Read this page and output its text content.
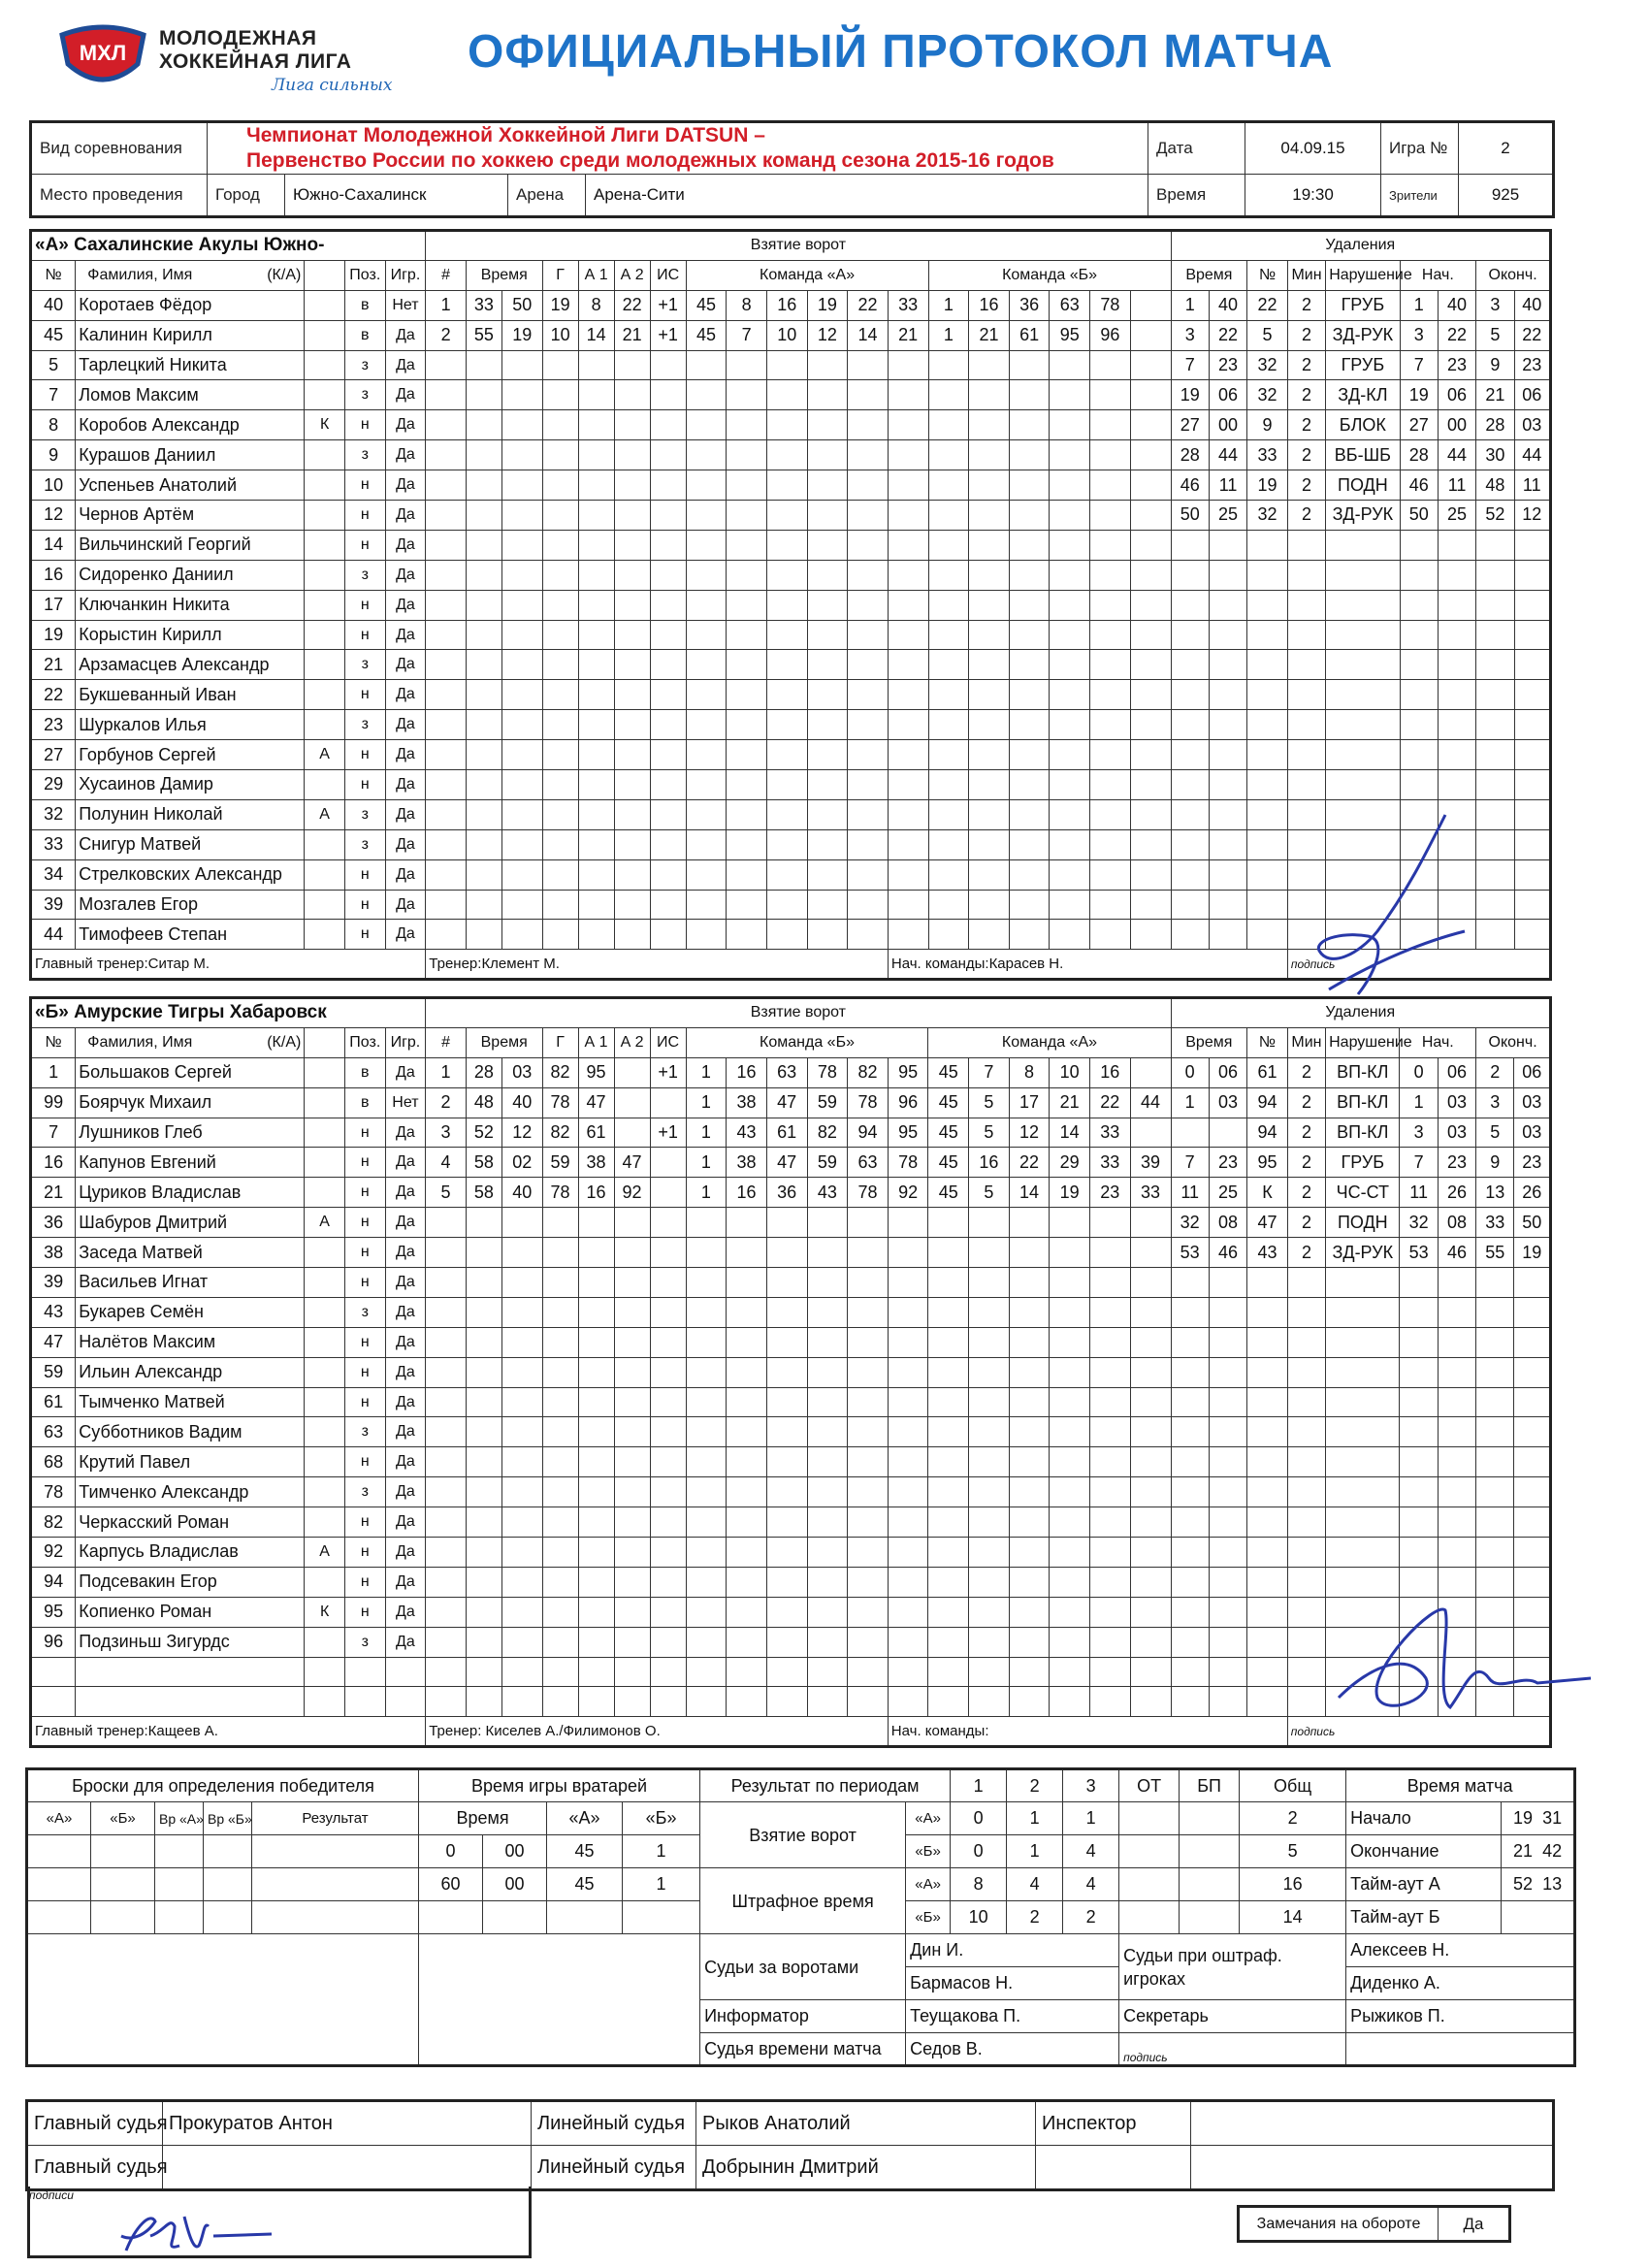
МХЛ
МОЛОДЕЖНАЯ
ХОККЕЙНАЯ ЛИГА
Лига сильных
ОФИЦИАЛЬНЫЙ ПРОТОКОЛ МАТЧА
Вид соревнования	Чемпионат Молодежной Хоккейной Лиги DATSUN –
Первенство России по хоккею среди молодежных команд сезона 2015-16 годов				Дата	04.09.15	Игра №	2
Место проведения	Город	Южно-Сахалинск	Арена	Арена-Сити	Время	19:30	Зрители	925
«А» Сахалинские Акулы Южно-					Взятие ворот																			Удаления								
№	Фамилия, Имя (К/А)		Поз.	Игр.	#	Время		Г	А 1	А 2	ИС	Команда «А»						Команда «Б»						Время		№	Мин	Нарушение	Нач.		Оконч.	
40	Коротаев Фёдор		в	Нет	1	33	50	19	8	22	+1	45	8	16	19	22	33	1	16	36	63	78		1	40	22	2	ГРУБ	1	40	3	40
45	Калинин Кирилл		в	Да	2	55	19	10	14	21	+1	45	7	10	12	14	21	1	21	61	95	96		3	22	5	2	ЗД-РУК	3	22	5	22
5	Тарлецкий Никита		з	Да																				7	23	32	2	ГРУБ	7	23	9	23
7	Ломов Максим		з	Да																				19	06	32	2	ЗД-КЛ	19	06	21	06
8	Коробов Александр	К	н	Да																				27	00	9	2	БЛОК	27	00	28	03
9	Курашов Даниил		з	Да																				28	44	33	2	ВБ-ШБ	28	44	30	44
10	Успеньев Анатолий		н	Да																				46	11	19	2	ПОДН	46	11	48	11
12	Чернов Артём		н	Да																				50	25	32	2	ЗД-РУК	50	25	52	12
14	Вильчинский Георгий		н	Да																												
16	Сидоренко Даниил		з	Да																												
17	Ключанкин Никита		н	Да																												
19	Корыстин Кирилл		н	Да																												
21	Арзамасцев Александр		з	Да																												
22	Букшеванный Иван		н	Да																												
23	Шуркалов Илья		з	Да																												
27	Горбунов Сергей	А	н	Да																												
29	Хусаинов Дамир		н	Да																												
32	Полунин Николай	А	з	Да																												
33	Снигур Матвей		з	Да																												
34	Стрелковских Александр		н	Да																												
39	Мозгалев Егор		н	Да																												
44	Тимофеев Степан		н	Да																												
Главный тренер:Ситар М.					Тренер:Клемент М.												Нач. команды:Карасев Н.										подпись					
«Б» Амурские Тигры Хабаровск					Взятие ворот																			Удаления								
№	Фамилия, Имя (К/А)		Поз.	Игр.	#	Время		Г	А 1	А 2	ИС	Команда «Б»						Команда «А»						Время		№	Мин	Нарушение	Нач.		Оконч.	
1	Большаков Сергей		в	Да	1	28	03	82	95		+1	1	16	63	78	82	95	45	7	8	10	16		0	06	61	2	ВП-КЛ	0	06	2	06
99	Боярчук Михаил		в	Нет	2	48	40	78	47			1	38	47	59	78	96	45	5	17	21	22	44	1	03	94	2	ВП-КЛ	1	03	3	03
7	Лушников Глеб		н	Да	3	52	12	82	61		+1	1	43	61	82	94	95	45	5	12	14	33				94	2	ВП-КЛ	3	03	5	03
16	Капунов Евгений		н	Да	4	58	02	59	38	47		1	38	47	59	63	78	45	16	22	29	33	39	7	23	95	2	ГРУБ	7	23	9	23
21	Цуриков Владислав		н	Да	5	58	40	78	16	92		1	16	36	43	78	92	45	5	14	19	23	33	11	25	К	2	ЧС-СТ	11	26	13	26
36	Шабуров Дмитрий	А	н	Да																				32	08	47	2	ПОДН	32	08	33	50
38	Заседа Матвей		н	Да																				53	46	43	2	ЗД-РУК	53	46	55	19
39	Васильев Игнат		н	Да																												
43	Букарев Семён		з	Да																												
47	Налётов Максим		н	Да																												
59	Ильин Александр		н	Да																												
61	Тымченко Матвей		н	Да																												
63	Субботников Вадим		з	Да																												
68	Крутий Павел		н	Да																												
78	Тимченко Александр		з	Да																												
82	Черкасский Роман		н	Да																												
92	Карпусь Владислав	А	н	Да																												
94	Подсевакин Егор		н	Да																												
95	Копиенко Роман	К	н	Да																												
96	Подзиньш Зигурдс		з	Да																												

Главный тренер:Кащеев А.					Тренер: Киселев А./Филимонов О.												Нач. команды:										подпись					
Броски для определения победителя					Время игры вратарей				Результат по периодам		1	2	3	ОТ	БП	Общ	Время матча	
«А»	«Б»	Вр «А»	Вр «Б»	Результат	Время		«А»	«Б»	Взятие ворот	«А»	0	1	1			2	Начало	19 31
					0	00	45	1		«Б»	0	1	4			5	Окончание	21 42
					60	00	45	1	Штрафное время	«А»	8	4	4			16	Тайм-аут А	52 13
										«Б»	10	2	2			14	Тайм-аут Б	
									Судьи за воротами	Дин И.				Судьи при оштраф. игроках			Алексеев Н.	
										Бармасов Н.							Диденко А.	
									Информатор	Теущакова П.				Секретарь			Рыжиков П.	
									Судья времени матча	Седов В.				подпись				
Главный судья	Прокуратов Антон	Линейный судья	Рыков Анатолий	Инспектор	
Главный судья		Линейный судья	Добрынин Дмитрий		
подписи
Замечания на обороте	Да
